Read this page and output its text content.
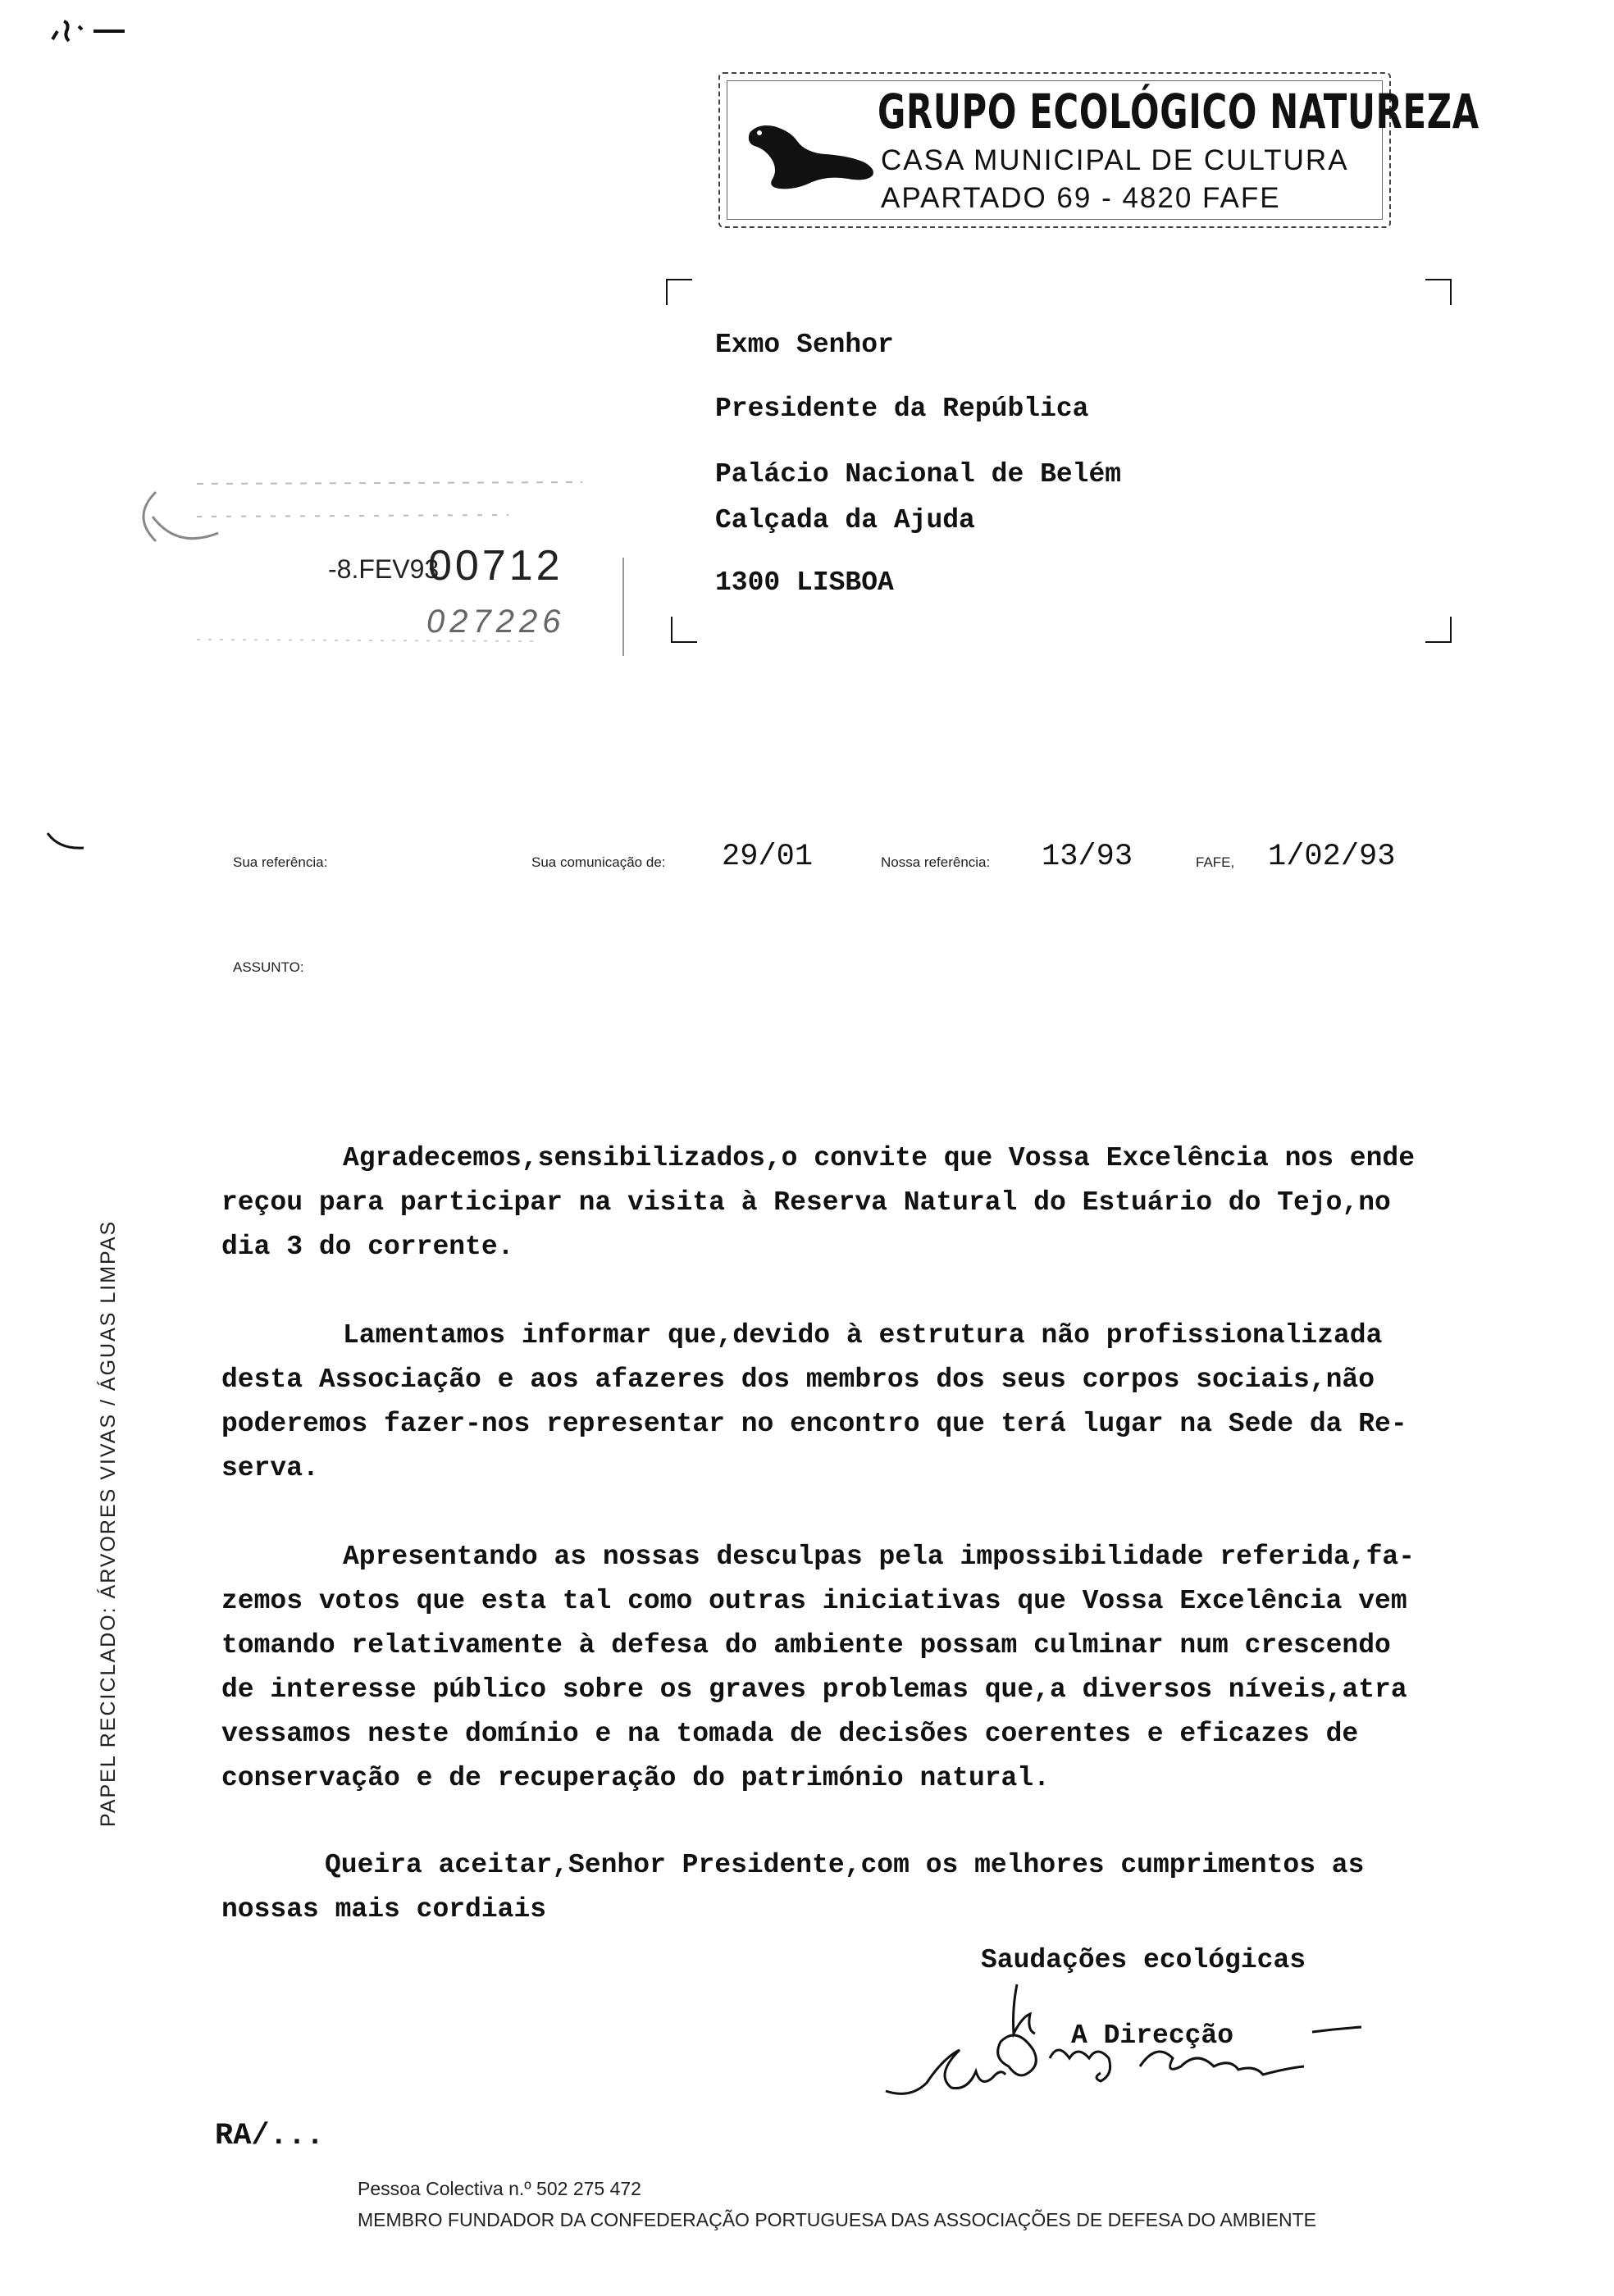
GRUPO ECOLÓGICO NATUREZA
CASA MUNICIPAL DE CULTURA
APARTADO 69 - 4820 FAFE
Exmo Senhor
Presidente da República
Palácio Nacional de Belém
Calçada da Ajuda
1300 LISBOA
-8.FEV93
00712
027226
Sua referência:	Sua comunicação de: 29/01	Nossa referência: 13/93	FAFE, 1/02/93
ASSUNTO:
PAPEL RECICLADO: ÁRVORES VIVAS / ÁGUAS LIMPAS
Agradecemos,sensibilizados,o convite que Vossa Excelência nos ende
reçou para participar na visita à Reserva Natural do Estuário do Tejo,no
dia 3 do corrente.
Lamentamos informar que,devido à estrutura não profissionalizada
desta Associação e aos afazeres dos membros dos seus corpos sociais,não
poderemos fazer-nos representar no encontro que terá lugar na Sede da Re-
serva.
Apresentando as nossas desculpas pela impossibilidade referida,fa-
zemos votos que esta tal como outras iniciativas que Vossa Excelência vem
tomando relativamente à defesa do ambiente possam culminar num crescendo
de interesse público sobre os graves problemas que,a diversos níveis,atra
vessamos neste domínio e na tomada de decisões coerentes e eficazes de
conservação e de recuperação do património natural.
Queira aceitar,Senhor Presidente,com os melhores cumprimentos as
nossas mais cordiais
Saudações ecológicas
A Direcção
RA/...
Pessoa Colectiva n.º 502 275 472
MEMBRO FUNDADOR DA CONFEDERAÇÃO PORTUGUESA DAS ASSOCIAÇÕES DE DEFESA DO AMBIENTE
